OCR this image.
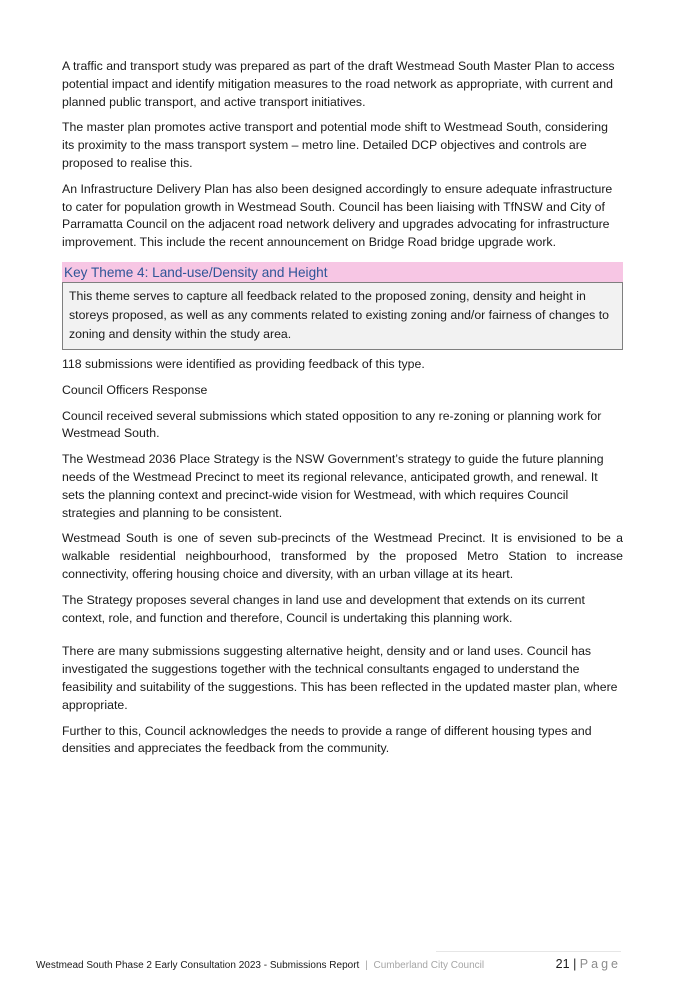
A traffic and transport study was prepared as part of the draft Westmead South Master Plan to access potential impact and identify mitigation measures to the road network as appropriate, with current and planned public transport, and active transport initiatives.

The master plan promotes active transport and potential mode shift to Westmead South, considering its proximity to the mass transport system – metro line. Detailed DCP objectives and controls are proposed to realise this.

An Infrastructure Delivery Plan has also been designed accordingly to ensure adequate infrastructure to cater for population growth in Westmead South. Council has been liaising with TfNSW and City of Parramatta Council on the adjacent road network delivery and upgrades advocating for infrastructure improvement. This include the recent announcement on Bridge Road bridge upgrade work.

Key Theme 4: Land-use/Density and Height
This theme serves to capture all feedback related to the proposed zoning, density and height in storeys proposed, as well as any comments related to existing zoning and/or fairness of changes to zoning and density within the study area.

118 submissions were identified as providing feedback of this type.

Council Officers Response

Council received several submissions which stated opposition to any re-zoning or planning work for Westmead South.

The Westmead 2036 Place Strategy is the NSW Government’s strategy to guide the future planning needs of the Westmead Precinct to meet its regional relevance, anticipated growth, and renewal. It sets the planning context and precinct-wide vision for Westmead, with which requires Council strategies and planning to be consistent.

Westmead South is one of seven sub-precincts of the Westmead Precinct. It is envisioned to be a walkable residential neighbourhood, transformed by the proposed Metro Station to increase connectivity, offering housing choice and diversity, with an urban village at its heart.

The Strategy proposes several changes in land use and development that extends on its current context, role, and function and therefore, Council is undertaking this planning work.

There are many submissions suggesting alternative height, density and or land uses. Council has investigated the suggestions together with the technical consultants engaged to understand the feasibility and suitability of the suggestions. This has been reflected in the updated master plan, where appropriate.

Further to this, Council acknowledges the needs to provide a range of different housing types and densities and appreciates the feedback from the community.

Westmead South Phase 2 Early Consultation 2023 - Submissions Report | Cumberland City Council	21 | Page
